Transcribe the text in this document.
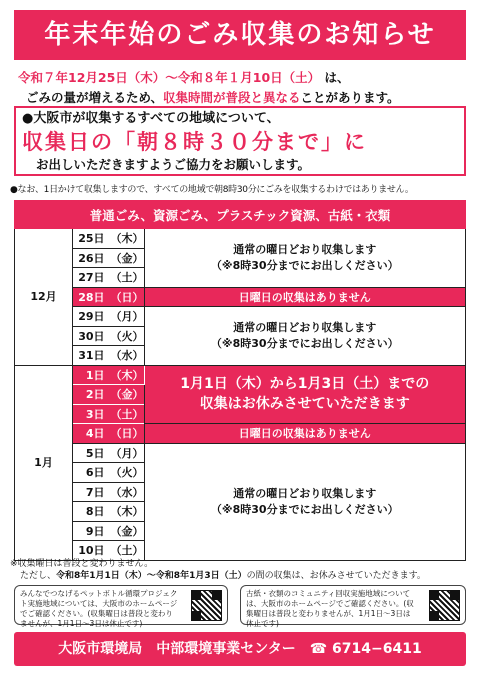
年末年始のごみ収集のお知らせ
令和７年12月25日（木）～令和８年１月10日（土） は、
ごみの量が増えるため、収集時間が普段と異なることがあります。
●大阪市が収集するすべての地域について、
収集日の「朝８時３０分まで」に
お出しいただきますようご協力をお願いします。
●なお、1日かけて収集しますので、すべての地域で朝8時30分にごみを収集するわけではありません。
普通ごみ、資源ごみ、プラスチック資源、古紙・衣類			
12月	25日	（木）	通常の曜日どおり収集します
（※8時30分までにお出しください）
	26日	（金）	
	27日	（土）	
	28日	（日）	日曜日の収集はありません
	29日	（月）	通常の曜日どおり収集します
（※8時30分までにお出しください）
	30日	（火）	
	31日	（水）	
1月	1日	（木）	1月1日（木）から1月3日（土）までの
収集はお休みさせていただきます
	2日	（金）	
	3日	（土）	
	4日	（日）	日曜日の収集はありません
	5日	（月）	通常の曜日どおり収集します
（※8時30分までにお出しください）
	6日	（火）	
	7日	（水）	
	8日	（木）	
	9日	（金）	
	10日	（土）	
※収集曜日は普段と変わりません。
ただし、令和8年1月1日（木）～令和8年1月3日（土）の間の収集は、お休みさせていただきます。
みんなでつなげるペットボトル循環プロジェクト実施地域については、大阪市のホームページでご確認ください。(収集曜日は普段と変わりませんが、1月1日～3日は休止です)
古紙・衣類のコミュニティ回収実施地域については、大阪市のホームページでご確認ください。(収集曜日は普段と変わりませんが、1月1日～3日は休止です)
大阪市環境局　中部環境事業センター　☎ 6714−6411
